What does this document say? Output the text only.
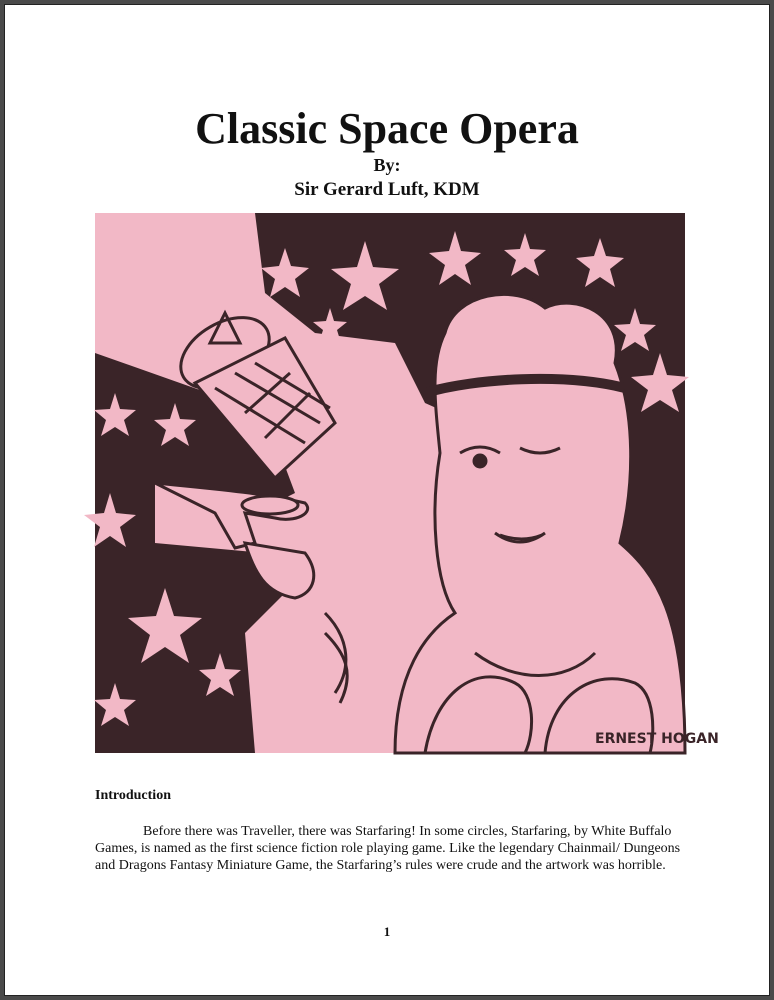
Classic Space Opera
By:
Sir Gerard Luft, KDM
ERNEST HOGAN
Introduction

Before there was Traveller, there was Starfaring! In some circles, Starfaring, by White Buffalo Games, is named as the first science fiction role playing game. Like the legendary Chainmail/ Dungeons and Dragons Fantasy Miniature Game, the Starfaring’s rules were crude and the artwork was horrible.

1
